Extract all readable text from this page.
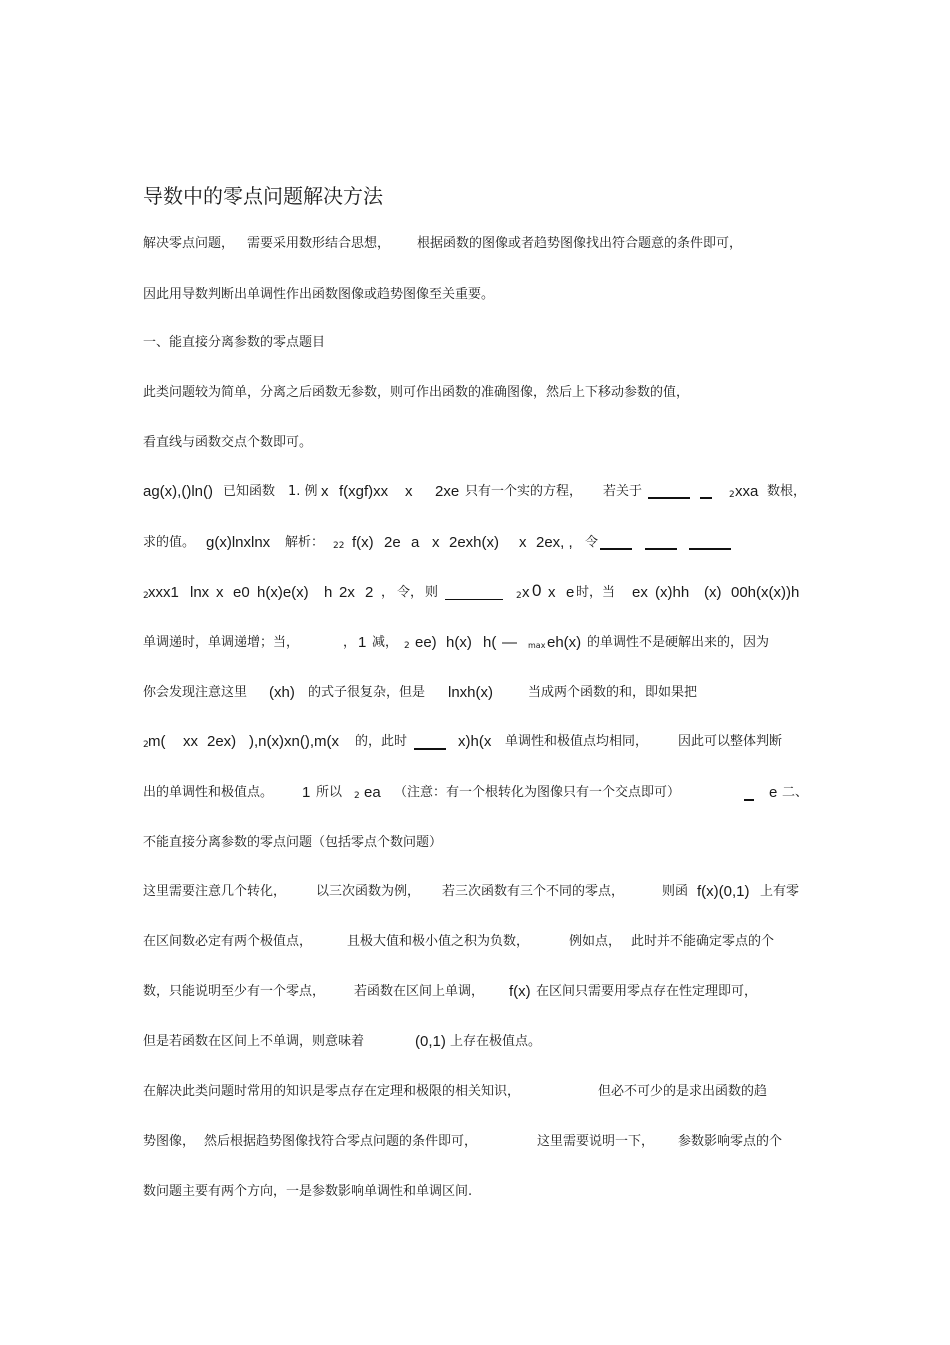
导数中的零点问题解决方法
解决零点问题， 需要采用数形结合思想， 根据函数的图像或者趋势图像找出符合题意的条件即可，
因此用导数判断出单调性作出函数图像或趋势图像至关重要。
一、能直接分离参数的零点题目
此类问题较为简单，分离之后函数无参数，则可作出函数的准确图像，然后上下移动参数的值，
看直线与函数交点个数即可。
ag(x),()ln() 已知函数 1. 例 x f(xgf)xx x 2xe 只有一个实的方程， 若关于	2 xxa 数根，
求的值。 g(x)lnxlnx 解析： 22 f(x) 2e a x 2exh(x) x 2ex, , 令
2 xxx1 lnx x e0 h(x)e(x) h 2x 2 ， 令， 则	2 x 0 x e 时，当 ex (x)hh (x) 00h(x(x))h
单调递时，单调递增；当，	， 1 减， 2 ee) h(x) h( — max eh(x) 的单调性不是硬解出来的，因为
你会发现注意这里 (xh) 的式子很复杂，但是 lnxh(x)	当成两个函数的和，即如果把
2 m( xx 2ex) ),n(x)xn(),m(x 的，此时	x)h(x 单调性和极值点均相同， 因此可以整体判断
出的单调性和极值点。 1 所以 2 ea （注意：有一个根转化为图像只有一个交点即可）	e 二、
不能直接分离参数的零点问题（包括零点个数问题）
这里需要注意几个转化， 以三次函数为例， 若三次函数有三个不同的零点，	则函 f(x)(0,1) 上有零
在区间数必定有两个极值点，	且极大值和极小值之积为负数，	例如点， 此时并不能确定零点的个
数，只能说明至少有一个零点， 若函数在区间上单调， f(x) 在区间只需要用零点存在性定理即可，
但是若函数在区间上不单调，则意味着	(0,1) 上存在极值点。
在解决此类问题时常用的知识是零点存在定理和极限的相关知识，	但必不可少的是求出函数的趋
势图像， 然后根据趋势图像找符合零点问题的条件即可，	这里需要说明一下， 参数影响零点的个
数问题主要有两个方向，一是参数影响单调性和单调区间.
